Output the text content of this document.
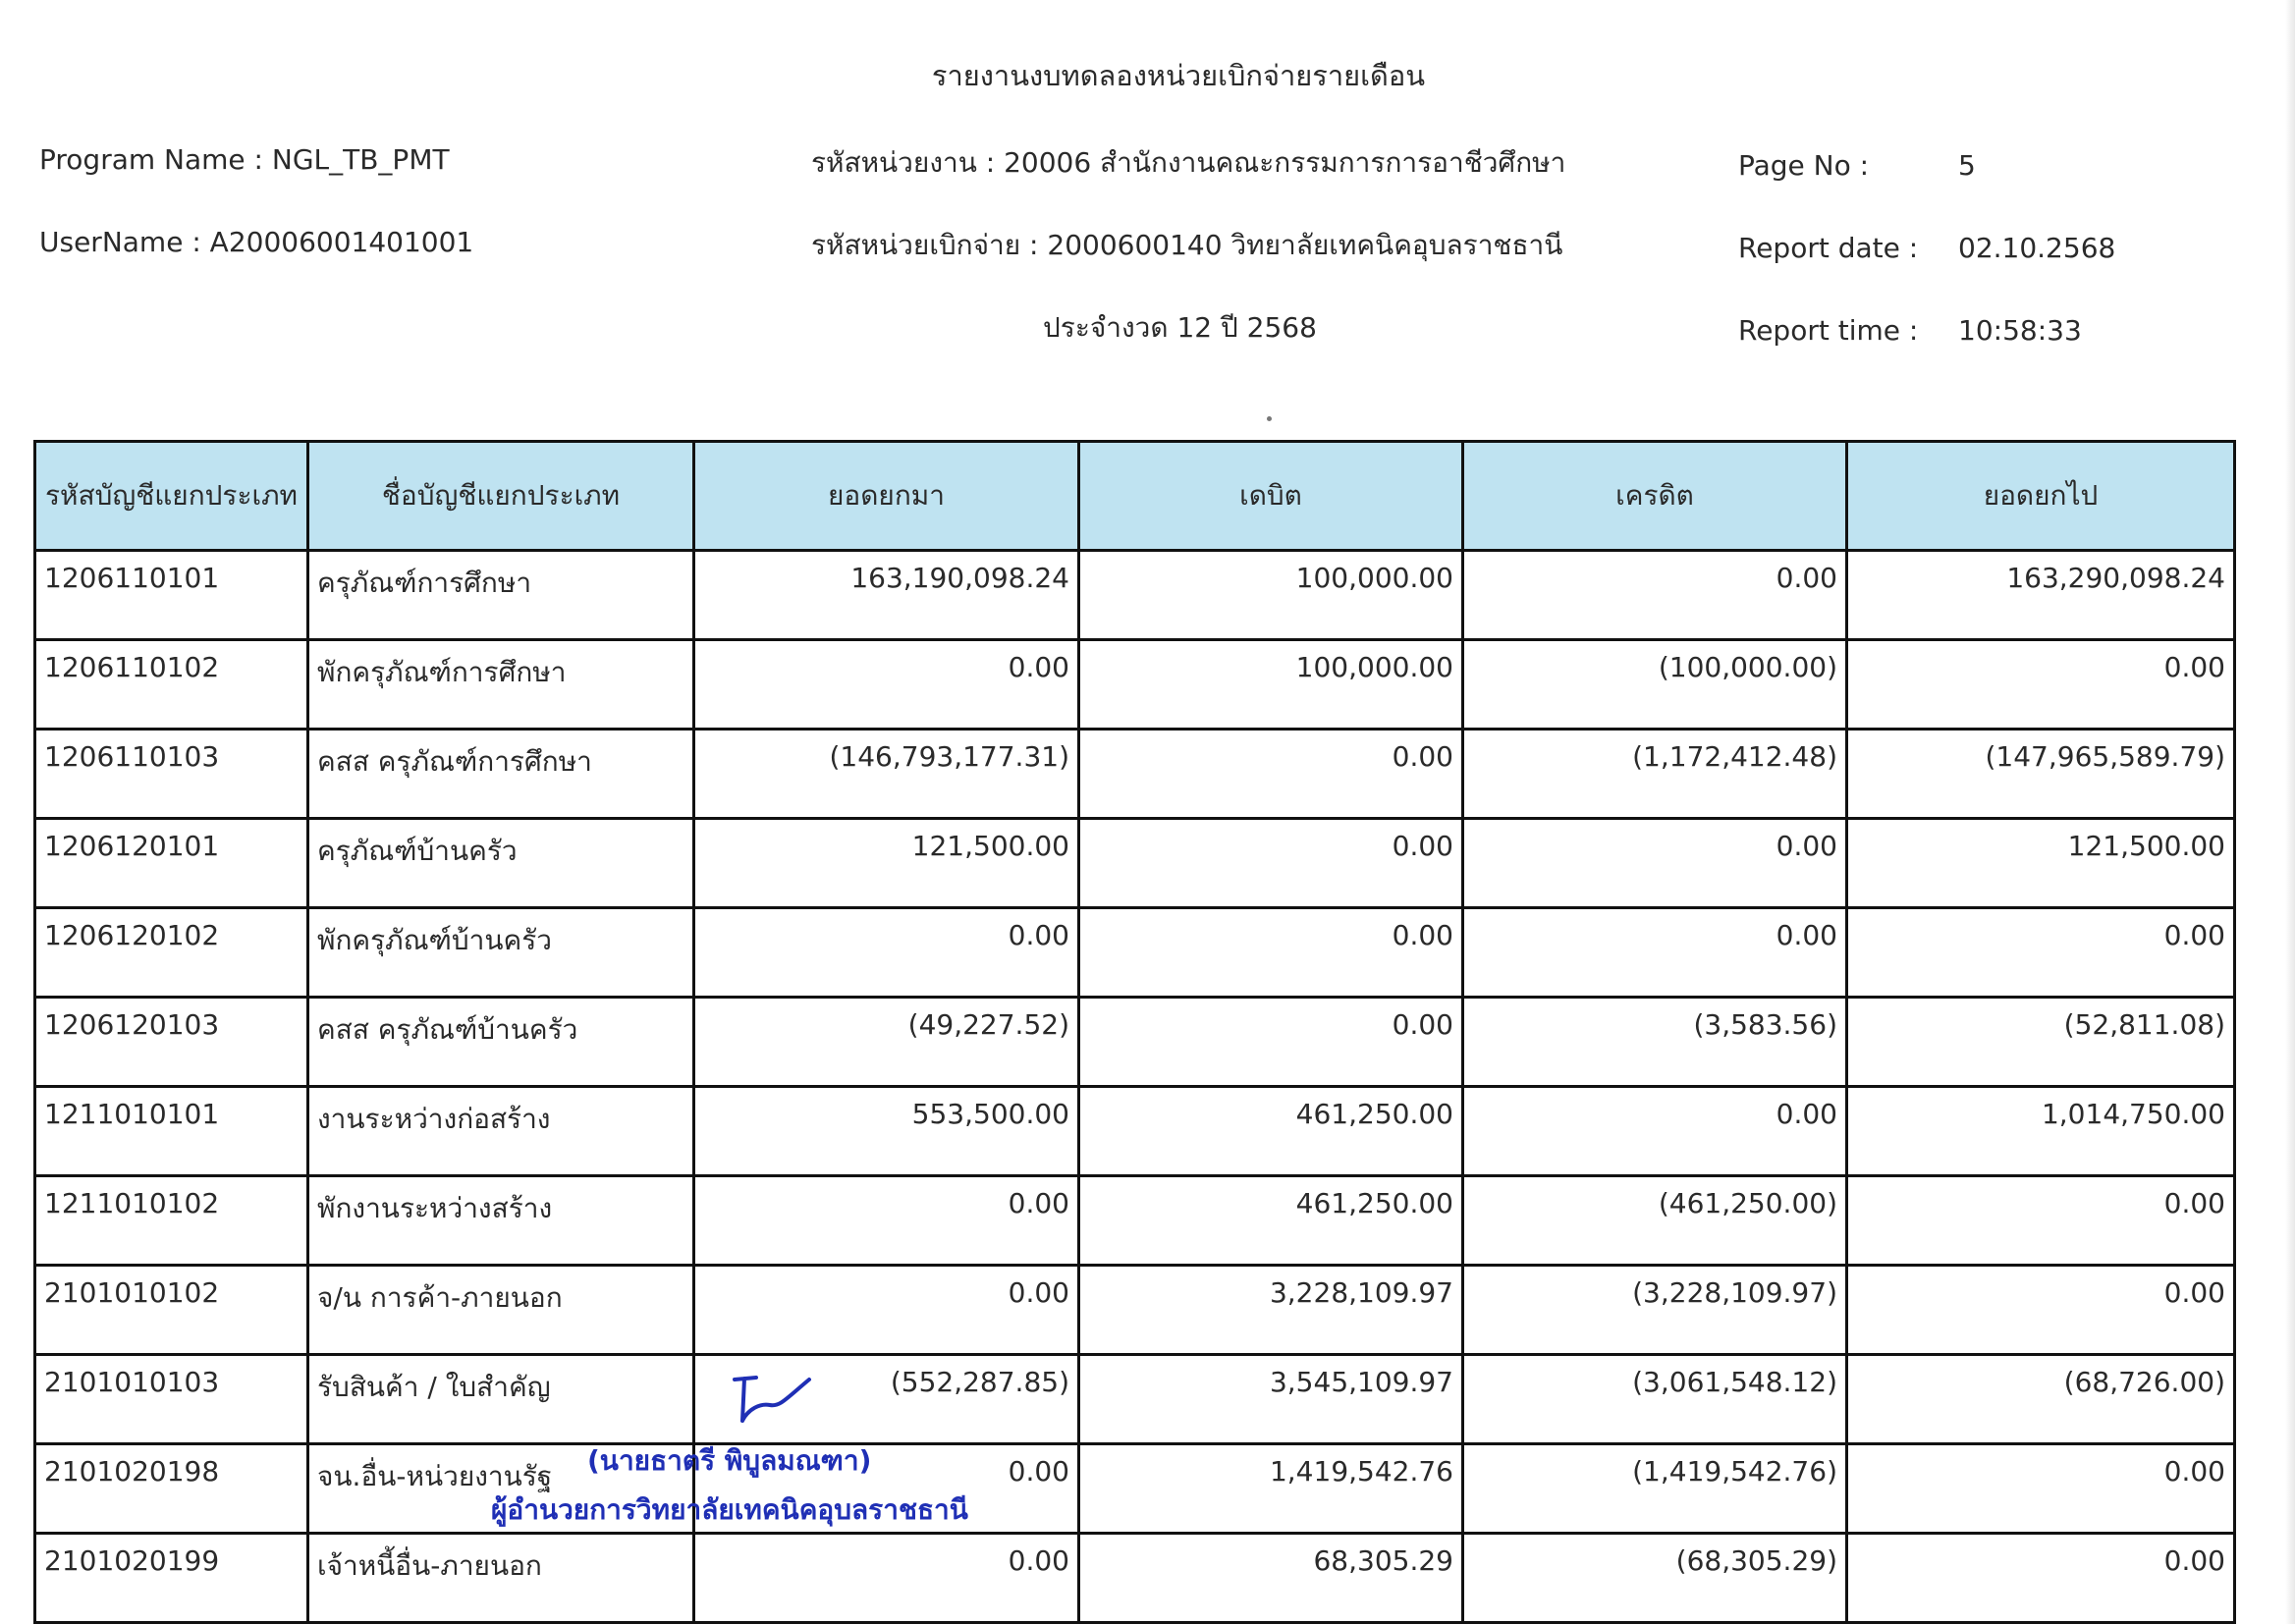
รายงานงบทดลองหน่วยเบิกจ่ายรายเดือน
Program Name : NGL_TB_PMT
UserName : A20006001401001
รหัสหน่วยงาน : 20006 สำนักงานคณะกรรมการการอาชีวศึกษา
รหัสหน่วยเบิกจ่าย : 2000600140 วิทยาลัยเทคนิคอุบลราชธานี
ประจำงวด 12 ปี 2568
Page No :	5
Report date : 02.10.2568
Report time : 10:58:33
รหัสบัญชีแยกประเภท	ชื่อบัญชีแยกประเภท	ยอดยกมา	เดบิต	เครดิต	ยอดยกไป
1206110101	ครุภัณฑ์การศึกษา	163,190,098.24	100,000.00	0.00	163,290,098.24
1206110102	พักครุภัณฑ์การศึกษา	0.00	100,000.00	(100,000.00)	0.00
1206110103	คสส ครุภัณฑ์การศึกษา	(146,793,177.31)	0.00	(1,172,412.48)	(147,965,589.79)
1206120101	ครุภัณฑ์บ้านครัว	121,500.00	0.00	0.00	121,500.00
1206120102	พักครุภัณฑ์บ้านครัว	0.00	0.00	0.00	0.00
1206120103	คสส ครุภัณฑ์บ้านครัว	(49,227.52)	0.00	(3,583.56)	(52,811.08)
1211010101	งานระหว่างก่อสร้าง	553,500.00	461,250.00	0.00	1,014,750.00
1211010102	พักงานระหว่างสร้าง	0.00	461,250.00	(461,250.00)	0.00
2101010102	จ/น การค้า-ภายนอก	0.00	3,228,109.97	(3,228,109.97)	0.00
2101010103	รับสินค้า / ใบสำคัญ	(552,287.85)	3,545,109.97	(3,061,548.12)	(68,726.00)
2101020198	จน.อื่น-หน่วยงานรัฐ	0.00	1,419,542.76	(1,419,542.76)	0.00
2101020199	เจ้าหนี้อื่น-ภายนอก	0.00	68,305.29	(68,305.29)	0.00
(นายธาตรี พิบูลมณฑา)
ผู้อำนวยการวิทยาลัยเทคนิคอุบลราชธานี
